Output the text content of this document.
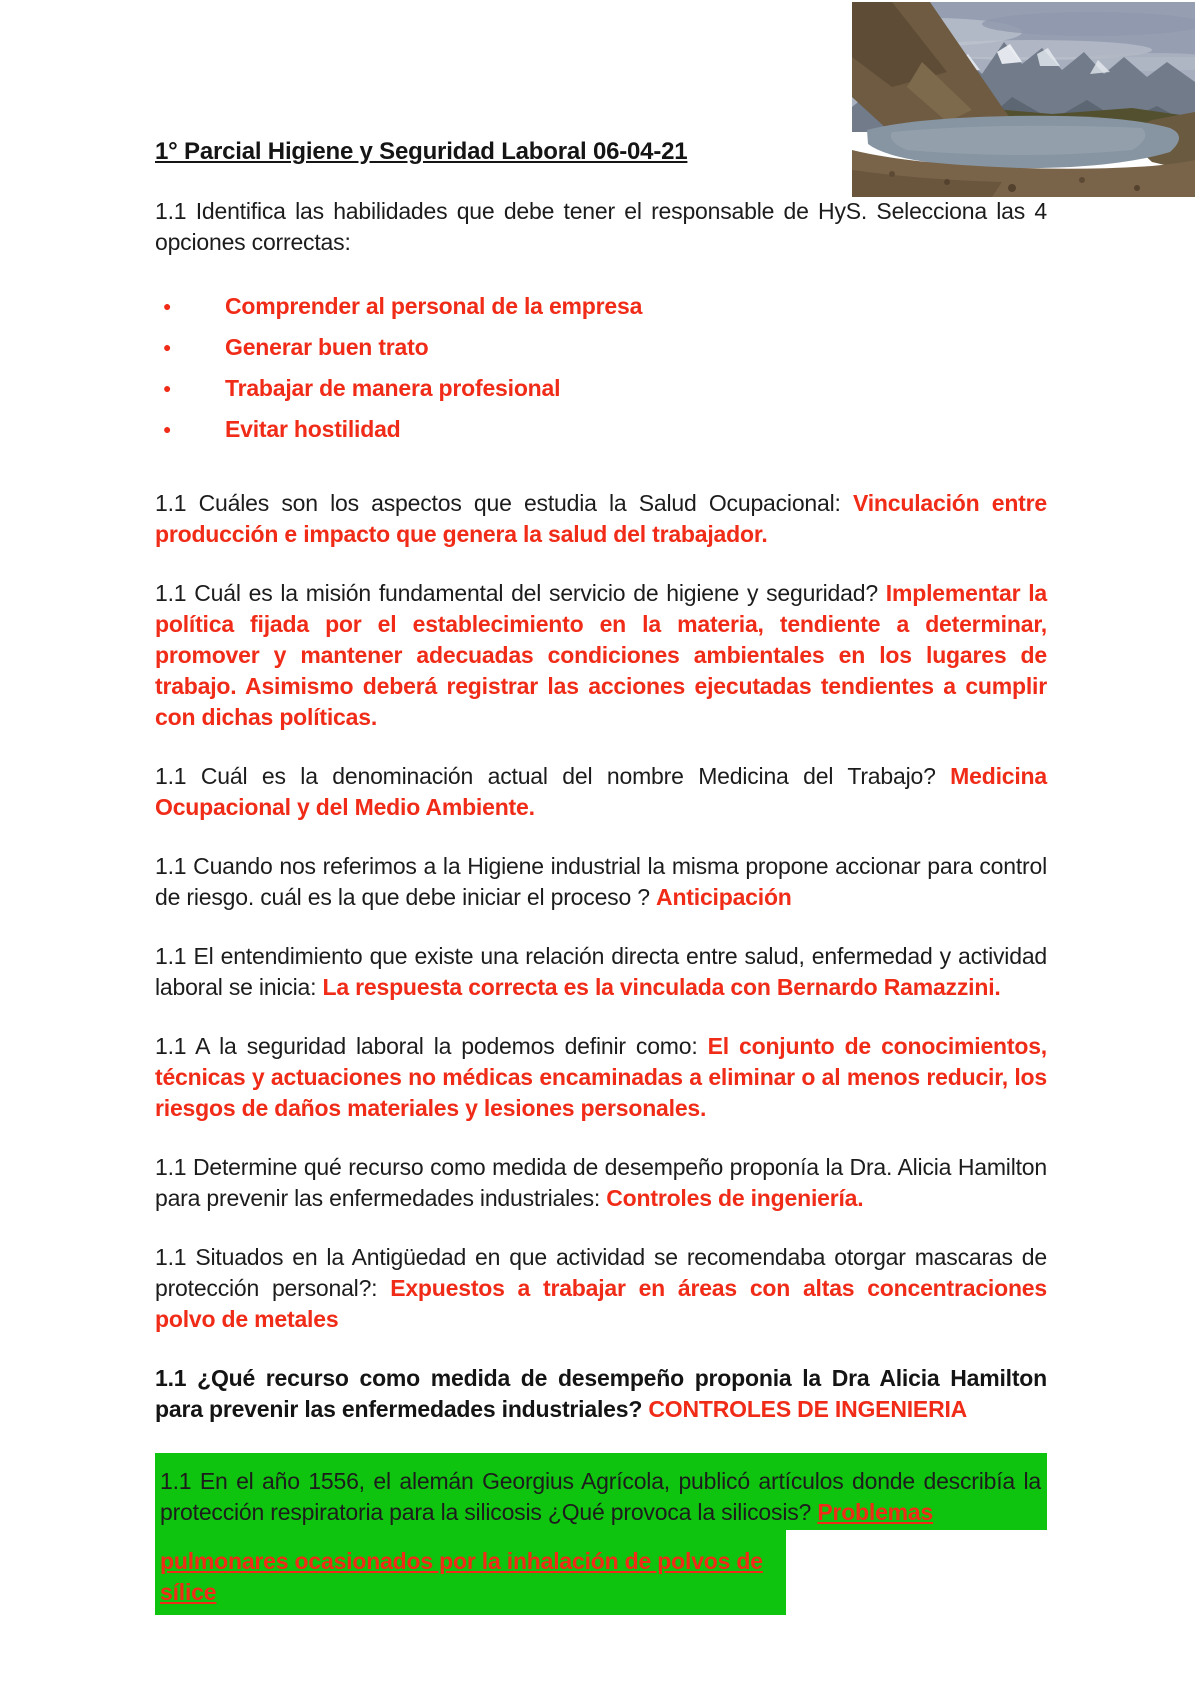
1° Parcial Higiene y Seguridad Laboral 06-04-21

1.1 Identifica las habilidades que debe tener el responsable de HyS. Selecciona las 4 opciones correctas:

● Comprender al personal de la empresa
● Generar buen trato
● Trabajar de manera profesional
● Evitar hostilidad

1.1 Cuáles son los aspectos que estudia la Salud Ocupacional: Vinculación entre producción e impacto que genera la salud del trabajador.

1.1 Cuál es la misión fundamental del servicio de higiene y seguridad? Implementar la política fijada por el establecimiento en la materia, tendiente a determinar, promover y mantener adecuadas condiciones ambientales en los lugares de trabajo. Asimismo deberá registrar las acciones ejecutadas tendientes a cumplir con dichas políticas.

1.1 Cuál es la denominación actual del nombre Medicina del Trabajo? Medicina Ocupacional y del Medio Ambiente.

1.1 Cuando nos referimos a la Higiene industrial la misma propone accionar para control de riesgo. cuál es la que debe iniciar el proceso ? Anticipación

1.1 El entendimiento que existe una relación directa entre salud, enfermedad y actividad laboral se inicia: La respuesta correcta es la vinculada con Bernardo Ramazzini.

1.1 A la seguridad laboral la podemos definir como: El conjunto de conocimientos, técnicas y actuaciones no médicas encaminadas a eliminar o al menos reducir, los riesgos de daños materiales y lesiones personales.

1.1 Determine qué recurso como medida de desempeño proponía la Dra. Alicia Hamilton para prevenir las enfermedades industriales: Controles de ingeniería.

1.1 Situados en la Antigüedad en que actividad se recomendaba otorgar mascaras de protección personal?: Expuestos a trabajar en áreas con altas concentraciones polvo de metales

1.1 ¿Qué recurso como medida de desempeño proponia la Dra Alicia Hamilton para prevenir las enfermedades industriales? CONTROLES DE INGENIERIA

1.1 En el año 1556, el alemán Georgius Agrícola, publicó artículos donde describía la protección respiratoria para la silicosis ¿Qué provoca la silicosis? Problemas

pulmonares ocasionados por la inhalación de polvos de sílice
